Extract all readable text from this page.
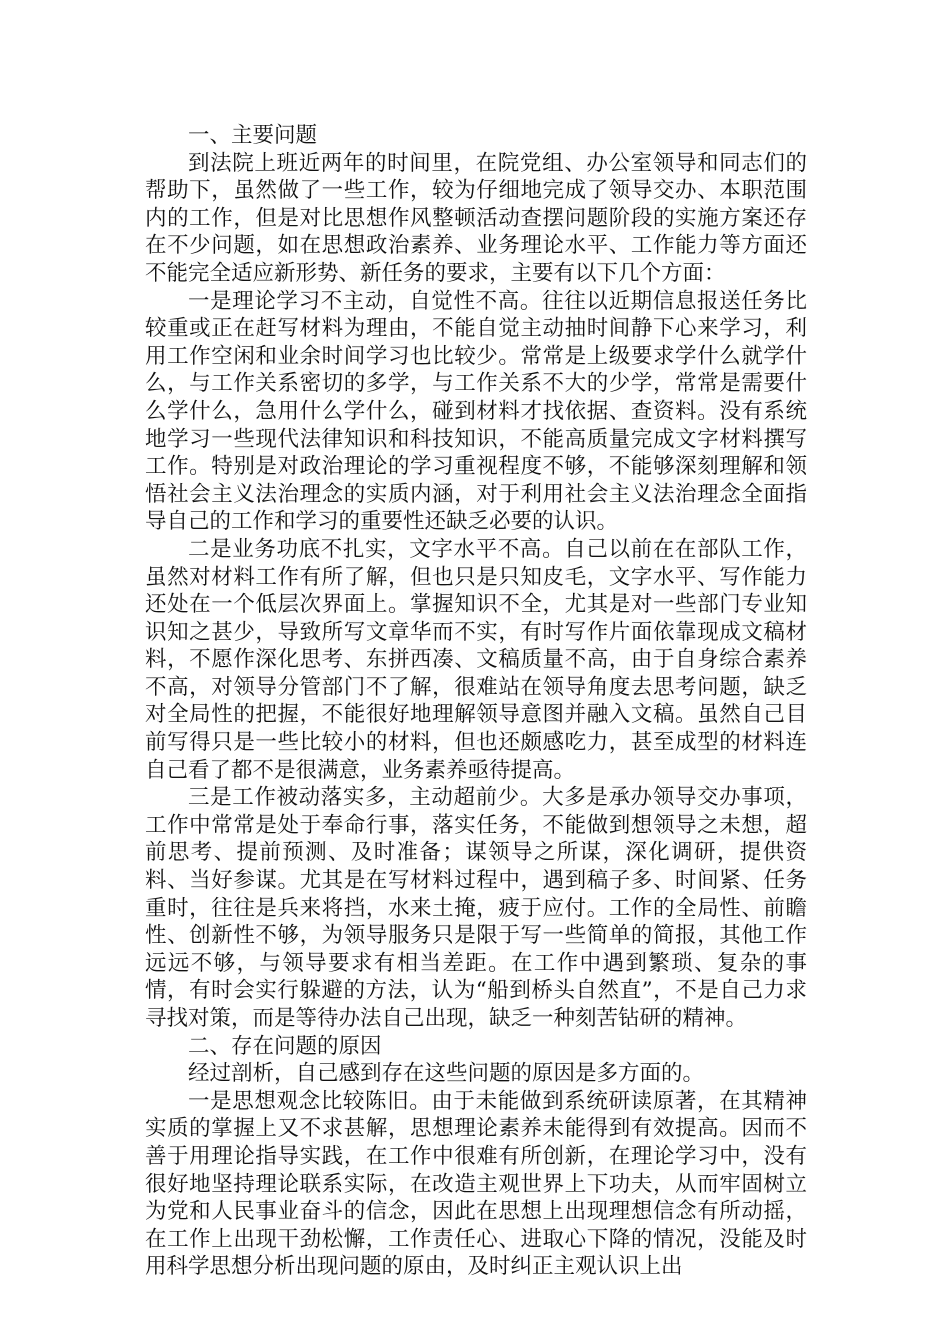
一、主要问题

到法院上班近两年的时间里，在院党组、办公室领导和同志们的帮助下，虽然做了一些工作，较为仔细地完成了领导交办、本职范围内的工作，但是对比思想作风整顿活动查摆问题阶段的实施方案还存在不少问题，如在思想政治素养、业务理论水平、工作能力等方面还不能完全适应新形势、新任务的要求，主要有以下几个方面：

一是理论学习不主动，自觉性不高。往往以近期信息报送任务比较重或正在赶写材料为理由，不能自觉主动抽时间静下心来学习，利用工作空闲和业余时间学习也比较少。常常是上级要求学什么就学什么，与工作关系密切的多学，与工作关系不大的少学，常常是需要什么学什么，急用什么学什么，碰到材料才找依据、查资料。没有系统地学习一些现代法律知识和科技知识，不能高质量完成文字材料撰写工作。特别是对政治理论的学习重视程度不够，不能够深刻理解和领悟社会主义法治理念的实质内涵，对于利用社会主义法治理念全面指导自己的工作和学习的重要性还缺乏必要的认识。

二是业务功底不扎实，文字水平不高。自己以前在在部队工作，虽然对材料工作有所了解，但也只是只知皮毛，文字水平、写作能力还处在一个低层次界面上。掌握知识不全，尤其是对一些部门专业知识知之甚少，导致所写文章华而不实，有时写作片面依靠现成文稿材料，不愿作深化思考、东拼西凑、文稿质量不高，由于自身综合素养不高，对领导分管部门不了解，很难站在领导角度去思考问题，缺乏对全局性的把握，不能很好地理解领导意图并融入文稿。虽然自己目前写得只是一些比较小的材料，但也还颇感吃力，甚至成型的材料连自己看了都不是很满意，业务素养亟待提高。

三是工作被动落实多，主动超前少。大多是承办领导交办事项，工作中常常是处于奉命行事，落实任务，不能做到想领导之未想，超前思考、提前预测、及时准备；谋领导之所谋，深化调研，提供资料、当好参谋。尤其是在写材料过程中，遇到稿子多、时间紧、任务重时，往往是兵来将挡，水来土掩，疲于应付。工作的全局性、前瞻性、创新性不够，为领导服务只是限于写一些简单的简报，其他工作远远不够，与领导要求有相当差距。在工作中遇到繁琐、复杂的事情，有时会实行躲避的方法，认为“船到桥头自然直”，不是自己力求寻找对策，而是等待办法自己出现，缺乏一种刻苦钻研的精神。

二、存在问题的原因

经过剖析，自己感到存在这些问题的原因是多方面的。

一是思想观念比较陈旧。由于未能做到系统研读原著，在其精神实质的掌握上又不求甚解，思想理论素养未能得到有效提高。因而不善于用理论指导实践，在工作中很难有所创新，在理论学习中，没有很好地坚持理论联系实际，在改造主观世界上下功夫，从而牢固树立为党和人民事业奋斗的信念，因此在思想上出现理想信念有所动摇，在工作上出现干劲松懈，工作责任心、进取心下降的情况，没能及时用科学思想分析出现问题的原由，及时纠正主观认识上出
